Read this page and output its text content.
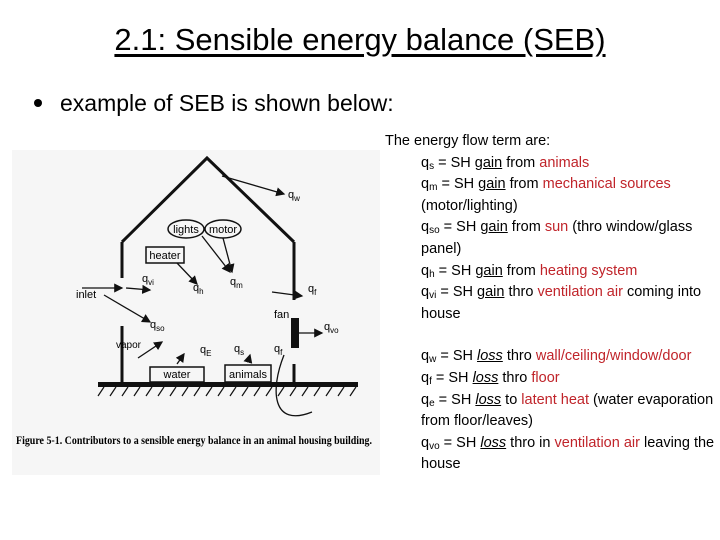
2.1: Sensible energy balance (SEB)
example of SEB is shown below:
lights motor
heater
water	animals
fan
inlet
vapor
$q_w$
$q_{vi}$	$q_h$
$q_m$	$q_f$
$q_{so}$
$q_E$ $q_s$	$q_f$
$q_{vo}$
Figure 5-1. Contributors to a sensible energy balance in an animal housing building.

The energy flow term are:

$q_s$ = SH gain from animals

$q_m$ = SH gain from mechanical sources (motor/lighting)

$q_{so}$ = SH gain from sun (thro window/glass panel)

$q_h$ = SH gain from heating system

$q_{vi}$ = SH gain thro ventilation air coming into house

$q_w$ = SH loss thro wall/ceiling/window/door

$q_f$ = SH loss thro floor

$q_e$ = SH loss to latent heat (water evaporation from floor/leaves)

$q_{vo}$ = SH loss thro in ventilation air leaving the house
